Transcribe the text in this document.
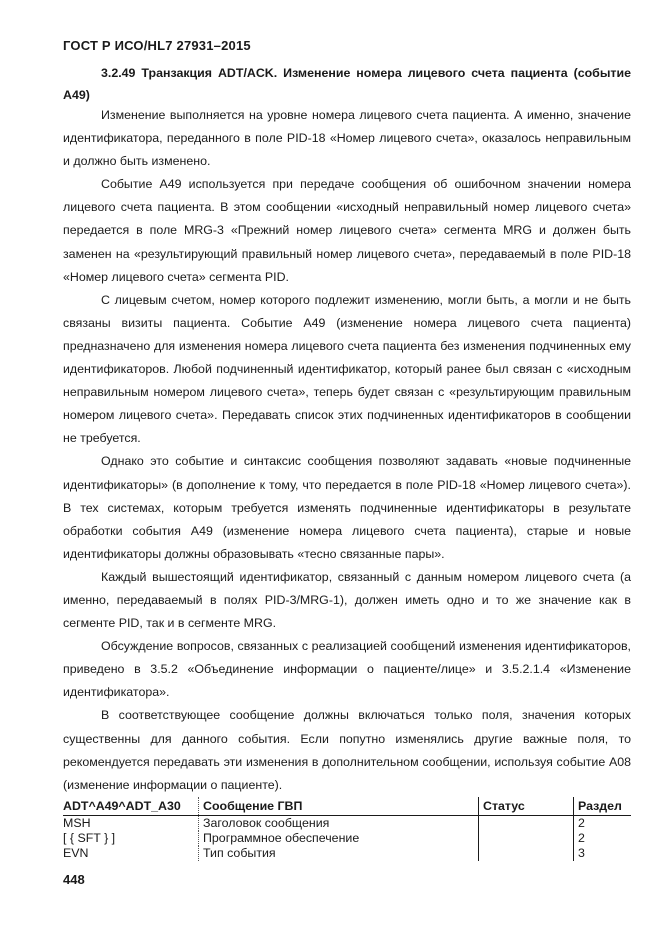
ГОСТ Р ИСО/HL7 27931–2015
3.2.49 Транзакция ADT/ACK. Изменение номера лицевого счета пациента (событие А49)

Изменение выполняется на уровне номера лицевого счета пациента. А именно, значение идентификатора, переданного в поле PID-18 «Номер лицевого счета», оказалось неправильным и должно быть изменено.

Событие А49 используется при передаче сообщения об ошибочном значении номера лицевого счета пациента. В этом сообщении «исходный неправильный номер лицевого счета» передается в поле MRG-3 «Прежний номер лицевого счета» сегмента MRG и должен быть заменен на «результирующий правильный номер лицевого счета», передаваемый в поле PID-18 «Номер лицевого счета» сегмента PID.

С лицевым счетом, номер которого подлежит изменению, могли быть, а могли и не быть связаны визиты пациента. Событие А49 (изменение номера лицевого счета пациента) предназначено для изменения номера лицевого счета пациента без изменения подчиненных ему идентификаторов. Любой подчиненный идентификатор, который ранее был связан с «исходным неправильным номером лицевого счета», теперь будет связан с «результирующим правильным номером лицевого счета». Передавать список этих подчиненных идентификаторов в сообщении не требуется.

Однако это событие и синтаксис сообщения позволяют задавать «новые подчиненные идентификаторы» (в дополнение к тому, что передается в поле PID-18 «Номер лицевого счета»). В тех системах, которым требуется изменять подчиненные идентификаторы в результате обработки события А49 (изменение номера лицевого счета пациента), старые и новые идентификаторы должны образовывать «тесно связанные пары».

Каждый вышестоящий идентификатор, связанный с данным номером лицевого счета (а именно, передаваемый в полях PID-3/MRG-1), должен иметь одно и то же значение как в сегменте PID, так и в сегменте MRG.

Обсуждение вопросов, связанных с реализацией сообщений изменения идентификаторов, приведено в 3.5.2 «Объединение информации о пациенте/лице» и 3.5.2.1.4 «Изменение идентификатора».

В соответствующее сообщение должны включаться только поля, значения которых существенны для данного события. Если попутно изменялись другие важные поля, то рекомендуется передавать эти изменения в дополнительном сообщении, используя событие А08 (изменение информации о пациенте).

ADT^A49^ADT_A30	Сообщение ГВП	Статус	Раздел
MSH	Заголовок сообщения		2
[ { SFT } ]	Программное обеспечение		2
EVN	Тип события		3
448
